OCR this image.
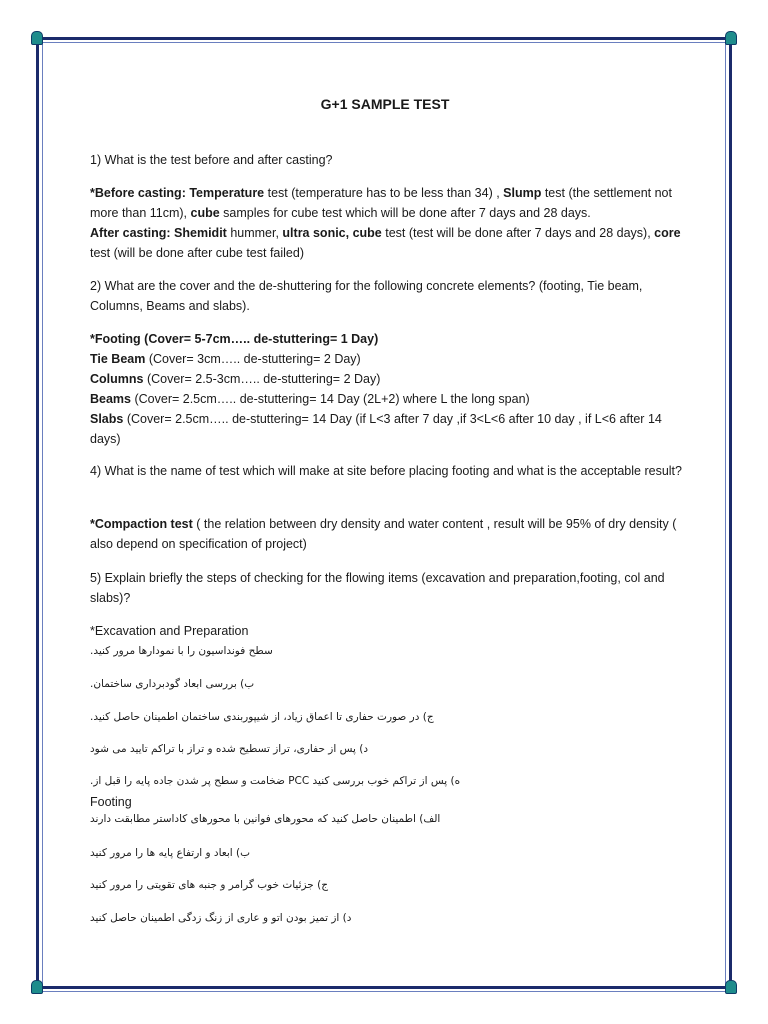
G+1 SAMPLE TEST
1) What is the test before and after casting?

*Before casting: Temperature test (temperature has to be less than 34) , Slump test (the settlement not more than 11cm), cube samples for cube test which will be done after 7 days and 28 days.

After casting: Shemidit hummer, ultra sonic, cube test (test will be done after 7 days and 28 days), core test (will be done after cube test failed)

2) What are the cover and the de-shuttering for the following concrete elements? (footing, Tie beam, Columns, Beams and slabs).

*Footing (Cover= 5-7cm….. de-stuttering= 1 Day)

Tie Beam (Cover= 3cm….. de-stuttering= 2 Day)

Columns (Cover= 2.5-3cm….. de-stuttering= 2 Day)

Beams (Cover= 2.5cm….. de-stuttering= 14 Day (2L+2) where L the long span)

Slabs (Cover= 2.5cm….. de-stuttering= 14 Day (if L<3 after 7 day ,if 3<L<6 after 10 day , if L<6 after 14 days)

4) What is the name of test which will make at site before placing footing and what is the acceptable result?
*Compaction test ( the relation between dry density and water content , result will be 95% of dry density ( also depend on specification of project)
5) Explain briefly the steps of checking for the flowing items (excavation and preparation,footing, col and slabs)?
*Excavation and Preparation
سطح فونداسیون را با نمودارها مرور کنید.
ب) بررسی ابعاد گودبرداری ساختمان.
ج) در صورت حفاری تا اعماق زیاد، از شیپوربندی ساختمان اطمینان حاصل کنید.
د) پس از حفاری، تراز تسطیح شده و تراز با تراکم تایید می شود
ه) پس از تراکم خوب بررسی کنید PCC ضخامت و سطح پر شدن جاده پایه را قبل از.
Footing
الف) اطمینان حاصل کنید که محورهای فوانین با محورهای کاداستر مطابقت دارند
ب) ابعاد و ارتفاع پایه ها را مرور کنید
ج) جزئیات خوب گرامر و جنبه های تقویتی را مرور کنید
د) از تمیز بودن اتو و عاری از زنگ زدگی اطمینان حاصل کنید
